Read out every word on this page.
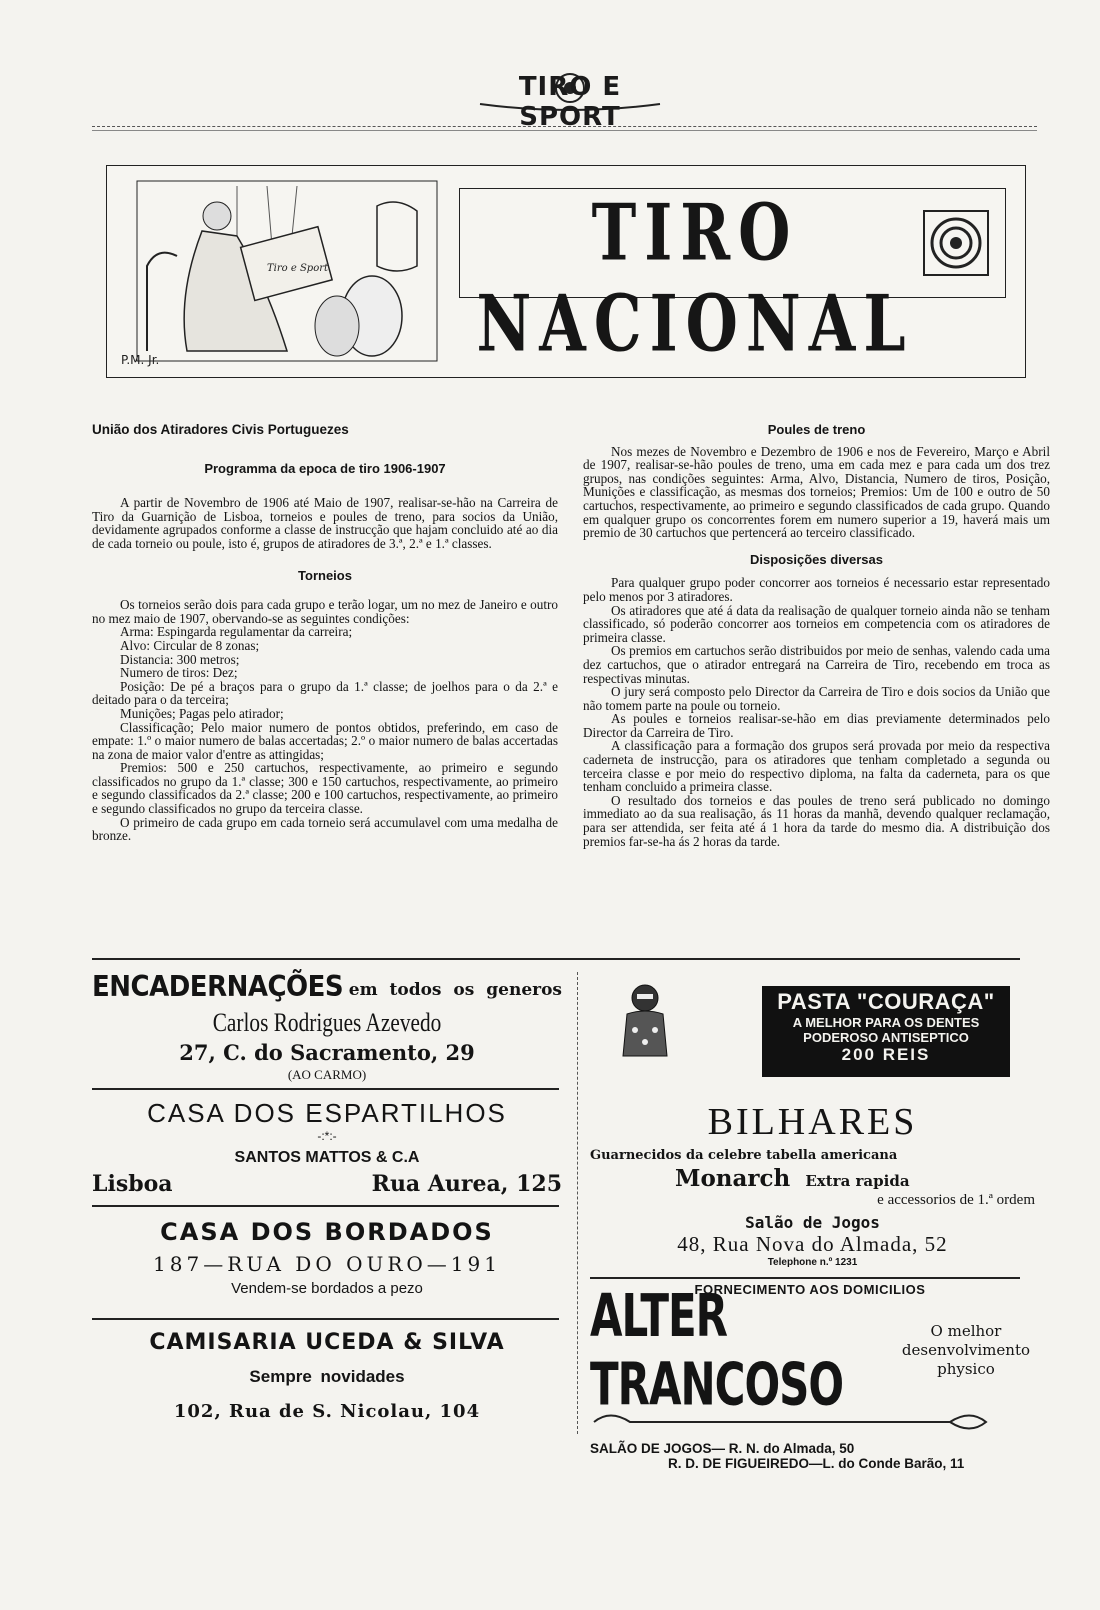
TIRO E SPORT
Tiro e Sport
P.M. Jr.
TIRO NACIONAL

União dos Atiradores Civis Portuguezes

Programma da epoca de tiro 1906-1907

A partir de Novembro de 1906 até Maio de 1907, realisar-se-hão na Carreira de Tiro da Guarnição de Lisboa, torneios e poules de treno, para socios da União, devidamente agrupados conforme a classe de instrucção que hajam concluido até ao dia de cada torneio ou poule, isto é, grupos de atiradores de 3.ª, 2.ª e 1.ª classes.

Torneios

Os torneios serão dois para cada grupo e terão logar, um no mez de Janeiro e outro no mez maio de 1907, obervando-se as seguintes condições:

Arma: Espingarda regulamentar da carreira;

Alvo: Circular de 8 zonas;

Distancia: 300 metros;

Numero de tiros: Dez;

Posição: De pé a braços para o grupo da 1.ª classe; de joelhos para o da 2.ª e deitado para o da terceira;

Munições; Pagas pelo atirador;

Classificação; Pelo maior numero de pontos obtidos, preferindo, em caso de empate: 1.º o maior numero de balas accertadas; 2.º o maior numero de balas accertadas na zona de maior valor d'entre as attingidas;

Premios: 500 e 250 cartuchos, respectivamente, ao primeiro e segundo classificados no grupo da 1.ª classe; 300 e 150 cartuchos, respectivamente, ao primeiro e segundo classificados da 2.ª classe; 200 e 100 cartuchos, respectivamente, ao primeiro e segundo classificados no grupo da terceira classe.

O primeiro de cada grupo em cada torneio será accumulavel com uma medalha de bronze.

Poules de treno

Nos mezes de Novembro e Dezembro de 1906 e nos de Fevereiro, Março e Abril de 1907, realisar-se-hão poules de treno, uma em cada mez e para cada um dos trez grupos, nas condições seguintes: Arma, Alvo, Distancia, Numero de tiros, Posição, Munições e classificação, as mesmas dos torneios; Premios: Um de 100 e outro de 50 cartuchos, respectivamente, ao primeiro e segundo classificados de cada grupo. Quando em qualquer grupo os concorrentes forem em numero superior a 19, haverá mais um premio de 30 cartuchos que pertencerá ao terceiro classificado.

Disposições diversas

Para qualquer grupo poder concorrer aos torneios é necessario estar representado pelo menos por 3 atiradores.

Os atiradores que até á data da realisação de qualquer torneio ainda não se tenham classificado, só poderão concorrer aos torneios em competencia com os atiradores de primeira classe.

Os premios em cartuchos serão distribuidos por meio de senhas, valendo cada uma dez cartuchos, que o atirador entregará na Carreira de Tiro, recebendo em troca as respectivas minutas.

O jury será composto pelo Director da Carreira de Tiro e dois socios da União que não tomem parte na poule ou torneio.

As poules e torneios realisar-se-hão em dias previamente determinados pelo Director da Carreira de Tiro.

A classificação para a formação dos grupos será provada por meio da respectiva caderneta de instrucção, para os atiradores que tenham completado a segunda ou terceira classe e por meio do respectivo diploma, na falta da caderneta, para os que tenham concluido a primeira classe.

O resultado dos torneios e das poules de treno será publicado no domingo immediato ao da sua realisação, ás 11 horas da manhã, devendo qualquer reclamação, para ser attendida, ser feita até á 1 hora da tarde do mesmo dia. A distribuição dos premios far-se-ha ás 2 horas da tarde.

ENCADERNAÇÕES em todos os generos
Carlos Rodrigues Azevedo
27, C. do Sacramento, 29
(AO CARMO)
CASA DOS ESPARTILHOS
-:*:-
SANTOS MATTOS & C.A
Lisboa	Rua Aurea, 125
CASA DOS BORDADOS
187—RUA DO OURO—191
Vendem-se bordados a pezo
CAMISARIA UCEDA & SILVA
Sempre novidades
102, Rua de S. Nicolau, 104
PASTA "COURAÇA"
A MELHOR PARA OS DENTES
PODEROSO ANTISEPTICO
200 REIS
BILHARES
Guarnecidos da celebre tabella americana
Monarch Extra rapida
e accessorios de 1.ª ordem
Salão de Jogos
48, Rua Nova do Almada, 52
Telephone n.º 1231
FORNECIMENTO AOS DOMICILIOS
ALTER TRANCOSO
O melhor
desenvolvimento
physico
SALÃO DE JOGOS— R. N. do Almada, 50
R. D. DE FIGUEIREDO—L. do Conde Barão, 11
